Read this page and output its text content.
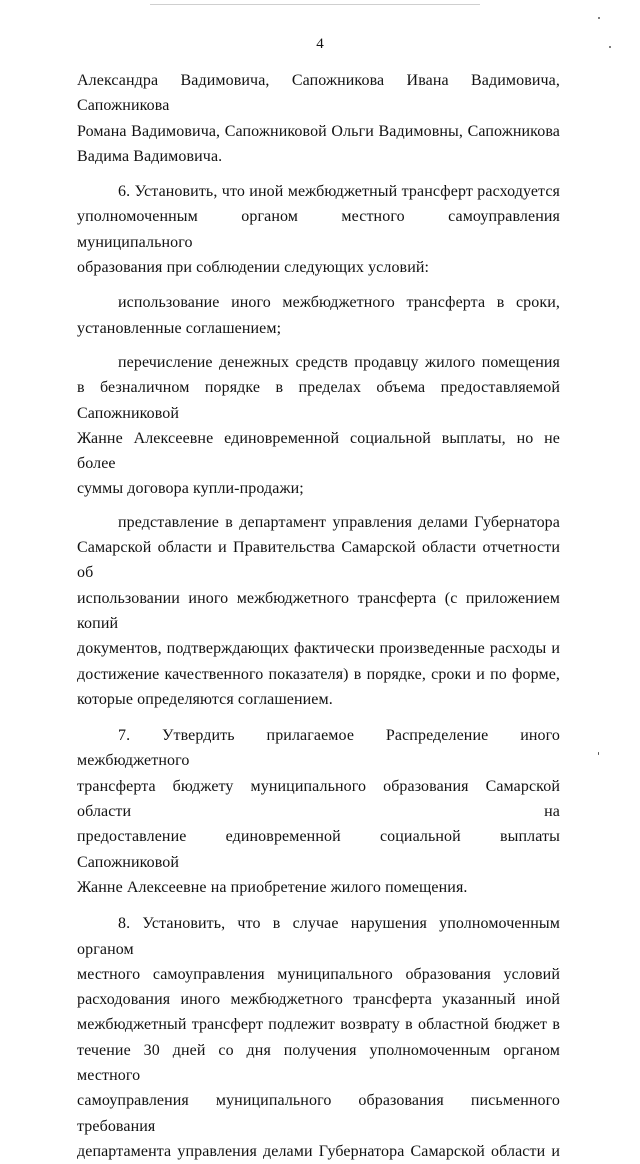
4
Александра Вадимовича, Сапожникова Ивана Вадимовича, Сапожникова
Романа Вадимовича, Сапожниковой Ольги Вадимовны, Сапожникова
Вадима Вадимовича.
6. Установить, что иной межбюджетный трансферт расходуется
уполномоченным органом местного самоуправления муниципального
образования при соблюдении следующих условий:
использование иного межбюджетного трансферта в сроки,
установленные соглашением;
перечисление денежных средств продавцу жилого помещения
в безналичном порядке в пределах объема предоставляемой Сапожниковой
Жанне Алексеевне единовременной социальной выплаты, но не более
суммы договора купли-продажи;
представление в департамент управления делами Губернатора
Самарской области и Правительства Самарской области отчетности об
использовании иного межбюджетного трансферта (с приложением копий
документов, подтверждающих фактически произведенные расходы и
достижение качественного показателя) в порядке, сроки и по форме,
которые определяются соглашением.
7. Утвердить прилагаемое Распределение иного межбюджетного
трансферта бюджету муниципального образования Самарской области на
предоставление единовременной социальной выплаты Сапожниковой
Жанне Алексеевне на приобретение жилого помещения.
8. Установить, что в случае нарушения уполномоченным органом
местного самоуправления муниципального образования условий
расходования иного межбюджетного трансферта указанный иной
межбюджетный трансферт подлежит возврату в областной бюджет в
течение 30 дней со дня получения уполномоченным органом местного
самоуправления муниципального образования письменного требования
департамента управления делами Губернатора Самарской области и
